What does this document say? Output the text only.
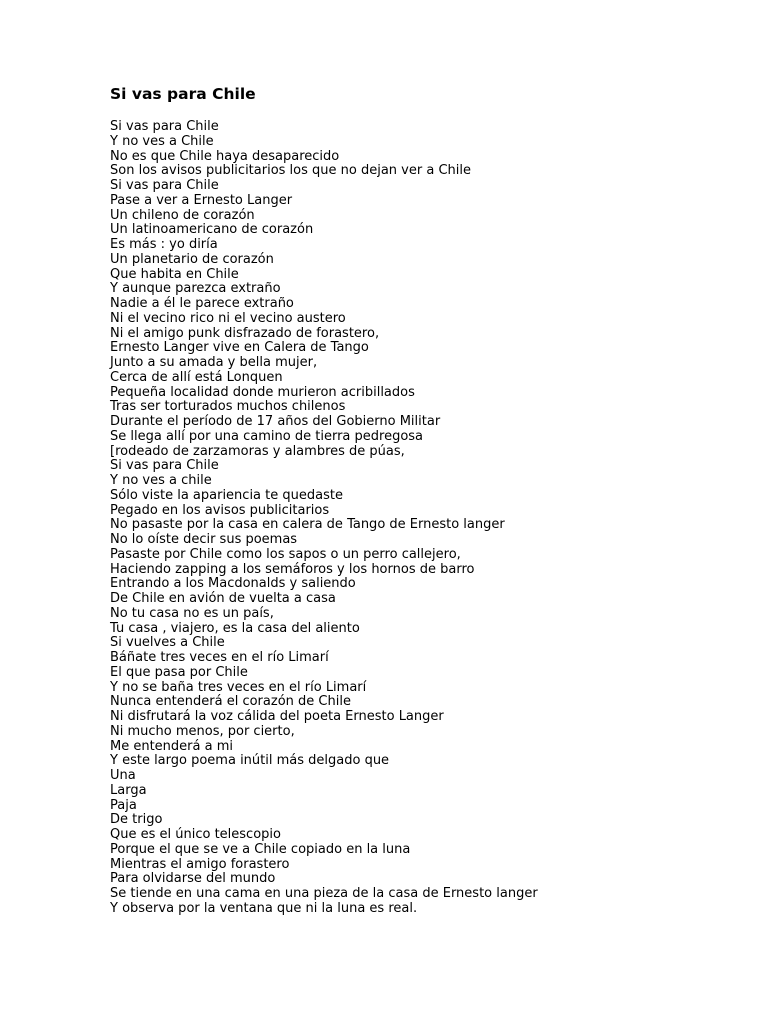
Si vas para Chile
Si vas para Chile
Y no ves a Chile
No es que Chile haya desaparecido
Son los avisos publicitarios los que no dejan ver a Chile
Si vas para Chile
Pase a ver a Ernesto Langer
Un chileno de corazón
Un latinoamericano de corazón
Es más : yo diría
Un planetario de corazón
Que habita en Chile
Y aunque parezca extraño
Nadie a él le parece extraño
Ni el vecino rico ni el vecino austero
Ni el amigo punk disfrazado de forastero,
Ernesto Langer vive en Calera de Tango
Junto a su amada y bella mujer,
Cerca de allí está Lonquen
Pequeña localidad donde murieron acribillados
Tras ser torturados muchos chilenos
Durante el período de 17 años del Gobierno Militar
Se llega allí por una camino de tierra pedregosa
[rodeado de zarzamoras y alambres de púas,
Si vas para Chile
Y no ves a chile
Sólo viste la apariencia te quedaste
Pegado en los avisos publicitarios
No pasaste por la casa en calera de Tango de Ernesto langer
No lo oíste decir sus poemas
Pasaste por Chile como los sapos o un perro callejero,
Haciendo zapping a los semáforos y los hornos de barro
Entrando a los Macdonalds y saliendo
De Chile en avión de vuelta a casa
No tu casa no es un país,
Tu casa , viajero, es la casa del aliento
Si vuelves a Chile
Báñate tres veces en el río Limarí
El que pasa por Chile
Y no se baña tres veces en el río Limarí
Nunca entenderá el corazón de Chile
Ni disfrutará la voz cálida del poeta Ernesto Langer
Ni mucho menos, por cierto,
Me entenderá a mi
Y este largo poema inútil más delgado que
Una
Larga
Paja
De trigo
Que es el único telescopio
Porque el que se ve a Chile copiado en la luna
Mientras el amigo forastero
Para olvidarse del mundo
Se tiende en una cama en una pieza de la casa de Ernesto langer
Y observa por la ventana que ni la luna es real.
